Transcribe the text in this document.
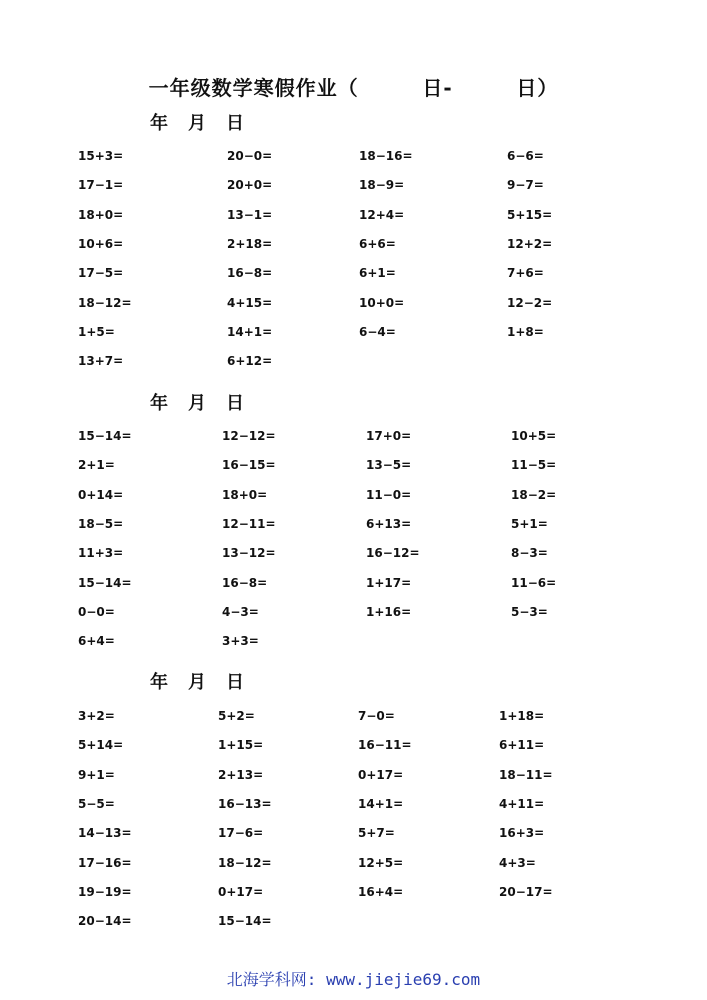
一年级数学寒假作业（        日-        日）
年 月 日
15+3=
17−1=
18+0=
10+6=
17−5=
18−12=
1+5=
13+7=
20−0=
20+0=
13−1=
2+18=
16−8=
4+15=
14+1=
6+12=
18−16=
18−9=
12+4=
6+6=
6+1=
10+0=
6−4=
6−6=
9−7=
5+15=
12+2=
7+6=
12−2=
1+8=
年 月 日
15−14=
2+1=
0+14=
18−5=
11+3=
15−14=
0−0=
6+4=
12−12=
16−15=
18+0=
12−11=
13−12=
16−8=
4−3=
3+3=
17+0=
13−5=
11−0=
6+13=
16−12=
1+17=
1+16=
10+5=
11−5=
18−2=
5+1=
8−3=
11−6=
5−3=
年 月 日
3+2=
5+14=
9+1=
5−5=
14−13=
17−16=
19−19=
20−14=
5+2=
1+15=
2+13=
16−13=
17−6=
18−12=
0+17=
15−14=
7−0=
16−11=
0+17=
14+1=
5+7=
12+5=
16+4=
1+18=
6+11=
18−11=
4+11=
16+3=
4+3=
20−17=
北海学科网: www.jiejie69.com
